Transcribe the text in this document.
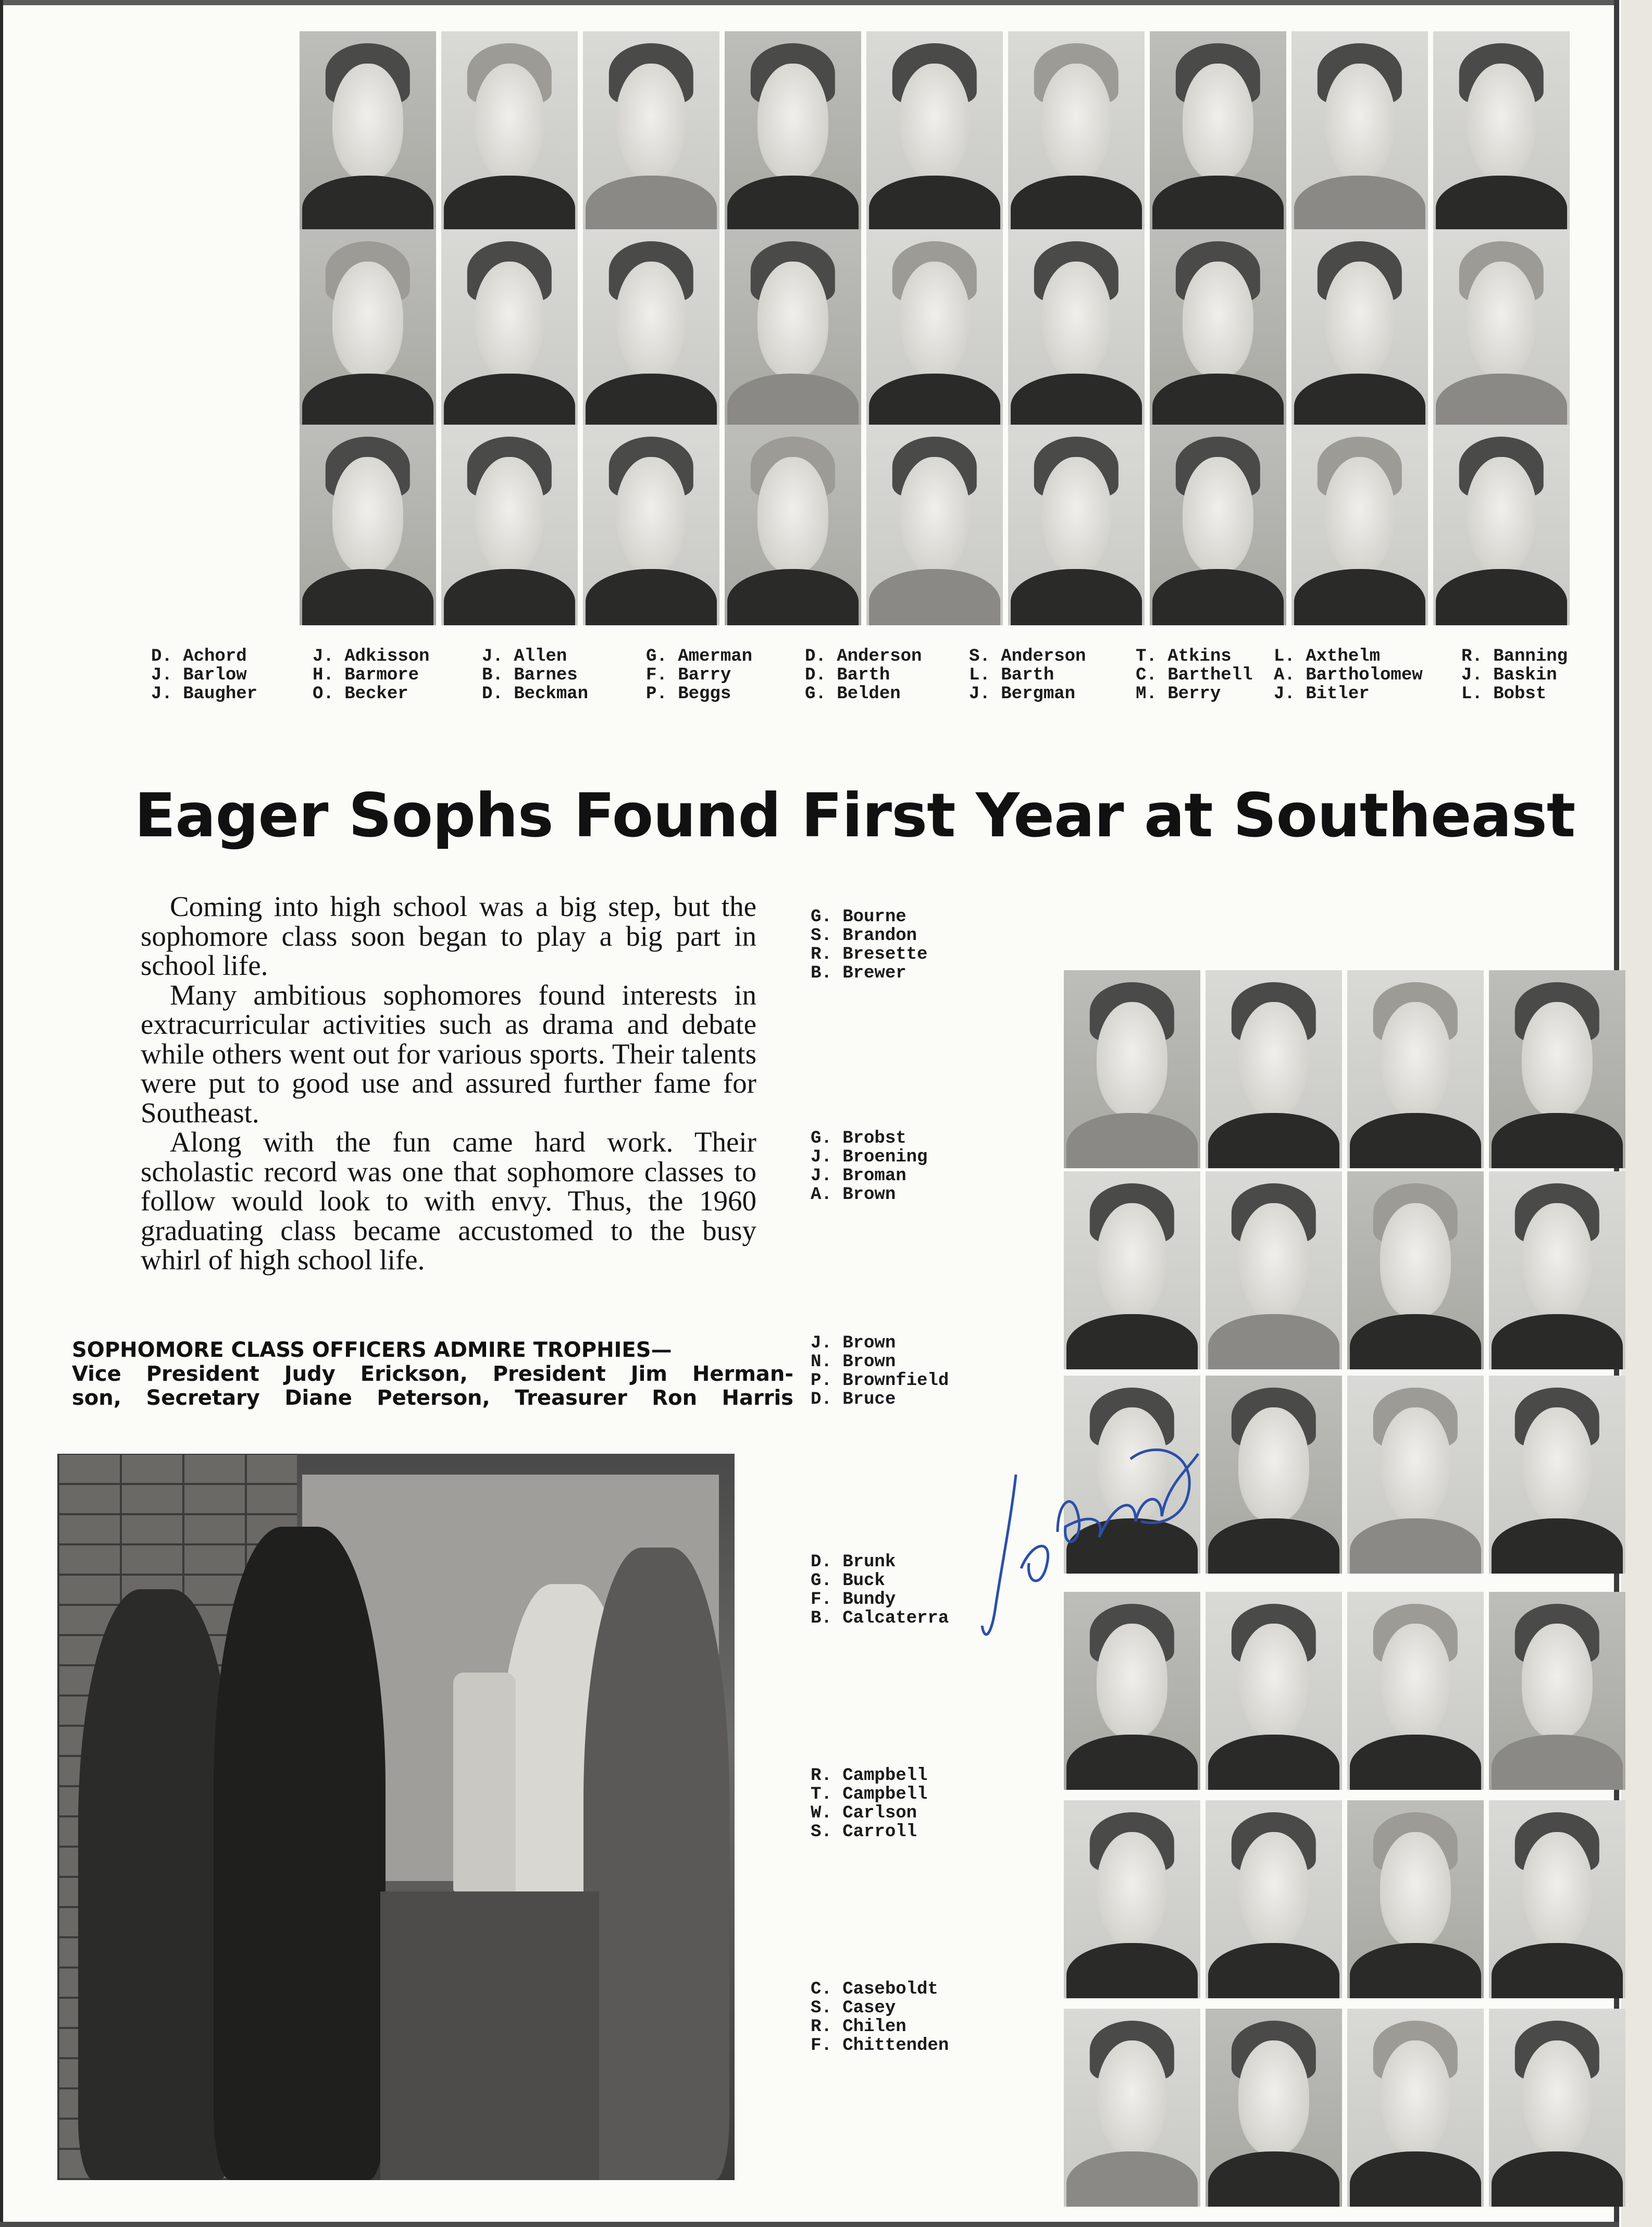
D. Achord
J. Barlow
J. Baugher
J. Adkisson
H. Barmore
O. Becker
J. Allen
B. Barnes
D. Beckman
G. Amerman
F. Barry
P. Beggs
D. Anderson
D. Barth
G. Belden
S. Anderson
L. Barth
J. Bergman
T. Atkins
C. Barthell
M. Berry
L. Axthelm
A. Bartholomew
J. Bitler
R. Banning
J. Baskin
L. Bobst
Eager Sophs Found First Year at Southeast

Coming into high school was a big step, but the sophomore class soon began to play a big part in school life.

Many ambitious sophomores found interests in extracurricular activities such as drama and debate while others went out for various sports. Their talents were put to good use and assured further fame for Southeast.

Along with the fun came hard work. Their scholastic record was one that sophomore classes to follow would look to with envy. Thus, the 1960 graduating class became accustomed to the busy whirl of high school life.

SOPHOMORE CLASS OFFICERS ADMIRE TROPHIES—
Vice President Judy Erickson, President Jim Herman-
son, Secretary Diane Peterson, Treasurer Ron Harris
G. Bourne
S. Brandon
R. Bresette
B. Brewer
G. Brobst
J. Broening
J. Broman
A. Brown
J. Brown
N. Brown
P. Brownfield
D. Bruce
D. Brunk
G. Buck
F. Bundy
B. Calcaterra
R. Campbell
T. Campbell
W. Carlson
S. Carroll
C. Caseboldt
S. Casey
R. Chilen
F. Chittenden
